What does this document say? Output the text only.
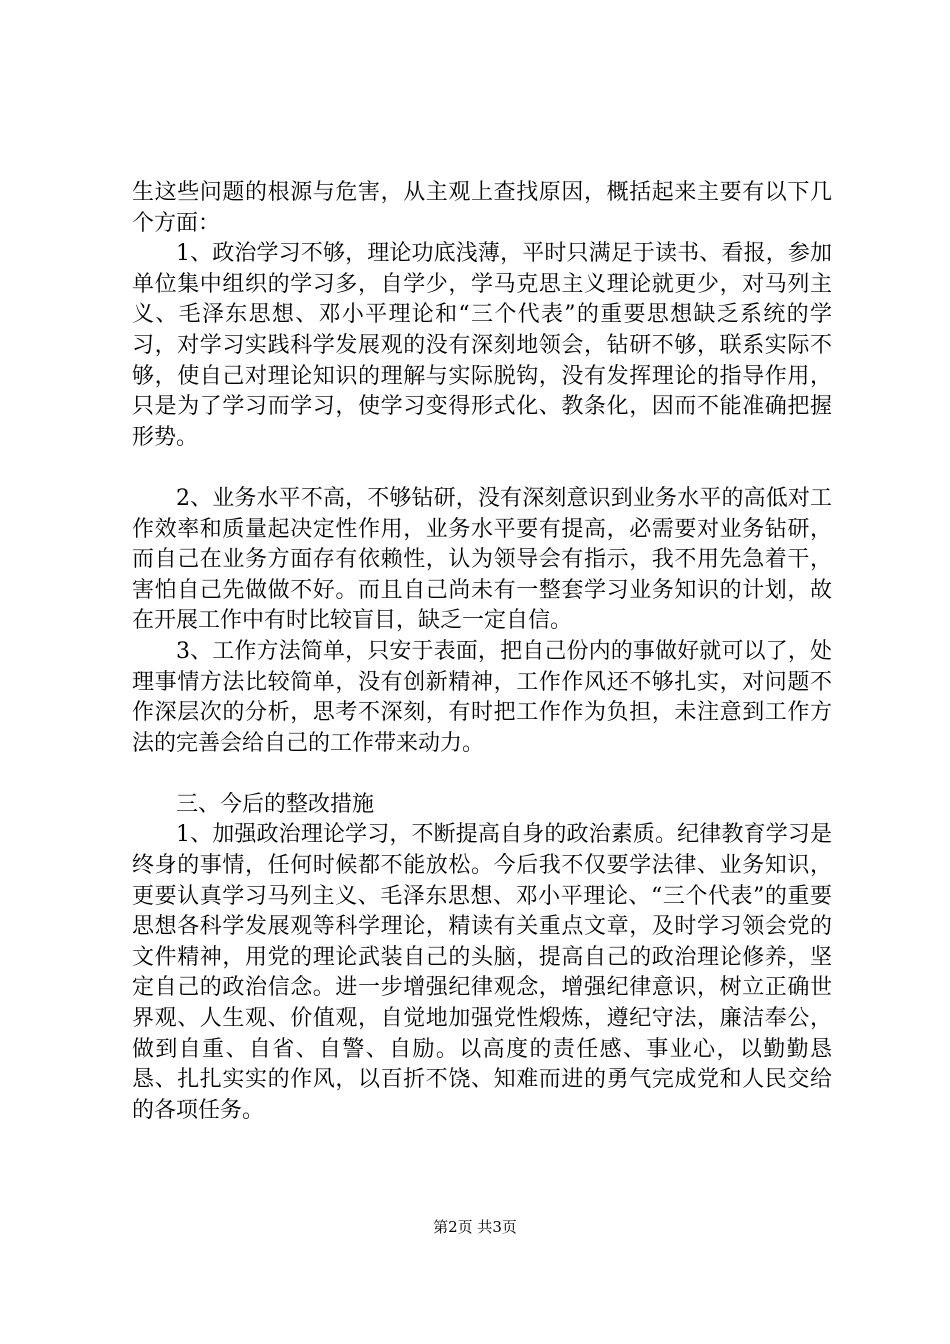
生这些问题的根源与危害，从主观上查找原因，概括起来主要有以下几个方面：

1、政治学习不够，理论功底浅薄，平时只满足于读书、看报，参加单位集中组织的学习多，自学少，学马克思主义理论就更少，对马列主义、毛泽东思想、邓小平理论和“三个代表”的重要思想缺乏系统的学习，对学习实践科学发展观的没有深刻地领会，钻研不够，联系实际不够，使自己对理论知识的理解与实际脱钩，没有发挥理论的指导作用，只是为了学习而学习，使学习变得形式化、教条化，因而不能准确把握形势。

2、业务水平不高，不够钻研，没有深刻意识到业务水平的高低对工作效率和质量起决定性作用，业务水平要有提高，必需要对业务钻研，而自己在业务方面存有依赖性，认为领导会有指示，我不用先急着干，害怕自己先做做不好。而且自己尚未有一整套学习业务知识的计划，故在开展工作中有时比较盲目，缺乏一定自信。

3、工作方法简单，只安于表面，把自己份内的事做好就可以了，处理事情方法比较简单，没有创新精神，工作作风还不够扎实，对问题不作深层次的分析，思考不深刻，有时把工作作为负担，未注意到工作方法的完善会给自己的工作带来动力。

三、今后的整改措施

1、加强政治理论学习，不断提高自身的政治素质。纪律教育学习是终身的事情，任何时候都不能放松。今后我不仅要学法律、业务知识，更要认真学习马列主义、毛泽东思想、邓小平理论、“三个代表”的重要思想各科学发展观等科学理论，精读有关重点文章，及时学习领会党的文件精神，用党的理论武装自己的头脑，提高自己的政治理论修养，坚定自己的政治信念。进一步增强纪律观念，增强纪律意识，树立正确世界观、人生观、价值观，自觉地加强党性煅炼，遵纪守法，廉洁奉公，做到自重、自省、自警、自励。以高度的责任感、事业心，以勤勤恳恳、扎扎实实的作风，以百折不饶、知难而进的勇气完成党和人民交给的各项任务。

第2页 共3页
